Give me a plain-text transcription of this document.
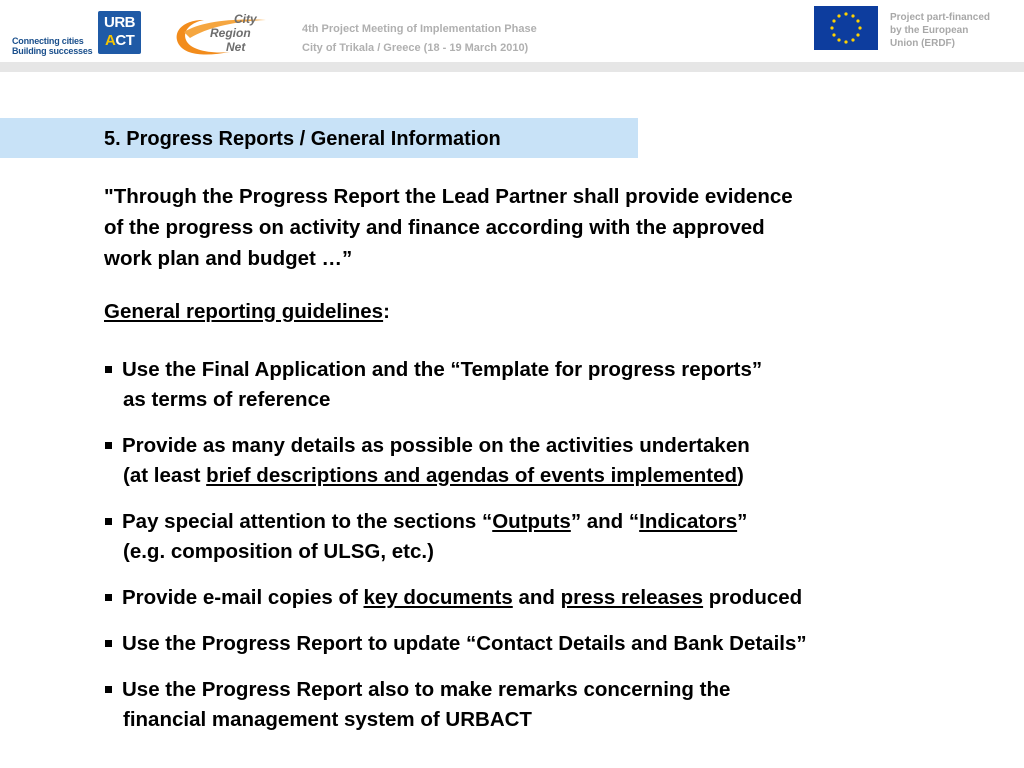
Connecting cities
Building successes
URB
ACT
City
Region
Net
4th Project Meeting of Implementation Phase
City of Trikala / Greece (18 - 19 March 2010)
Project part-financed
by the European
Union (ERDF)
5. Progress Reports / General Information
"Through the Progress Report the Lead Partner shall provide evidence
of the progress on activity and finance according with the approved
work plan and budget …”
General reporting guidelines:
Use the Final Application and the “Template for progress reports”
as terms of reference
Provide as many details as possible on the activities undertaken
(at least brief descriptions and agendas of events implemented)
Pay special attention to the sections “Outputs” and “Indicators”
(e.g. composition of ULSG, etc.)
Provide e-mail copies of key documents and press releases produced
Use the Progress Report to update “Contact Details and Bank Details”
Use the Progress Report also to make remarks concerning the
financial management system of URBACT
